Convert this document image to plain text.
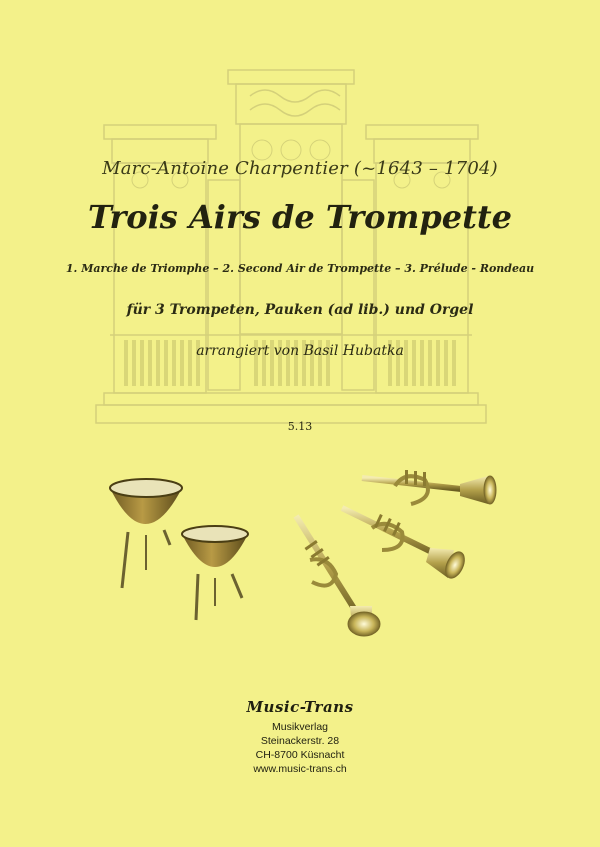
Marc-Antoine Charpentier (~1643 – 1704)
Trois Airs de Trompette
1. Marche de Triomphe – 2. Second Air de Trompette – 3. Prélude - Rondeau
für 3 Trompeten, Pauken (ad lib.) und Orgel
arrangiert von Basil Hubatka
5.13
Music-Trans
Musikverlag
Steinackerstr. 28
CH-8700 Küsnacht
www.music-trans.ch
